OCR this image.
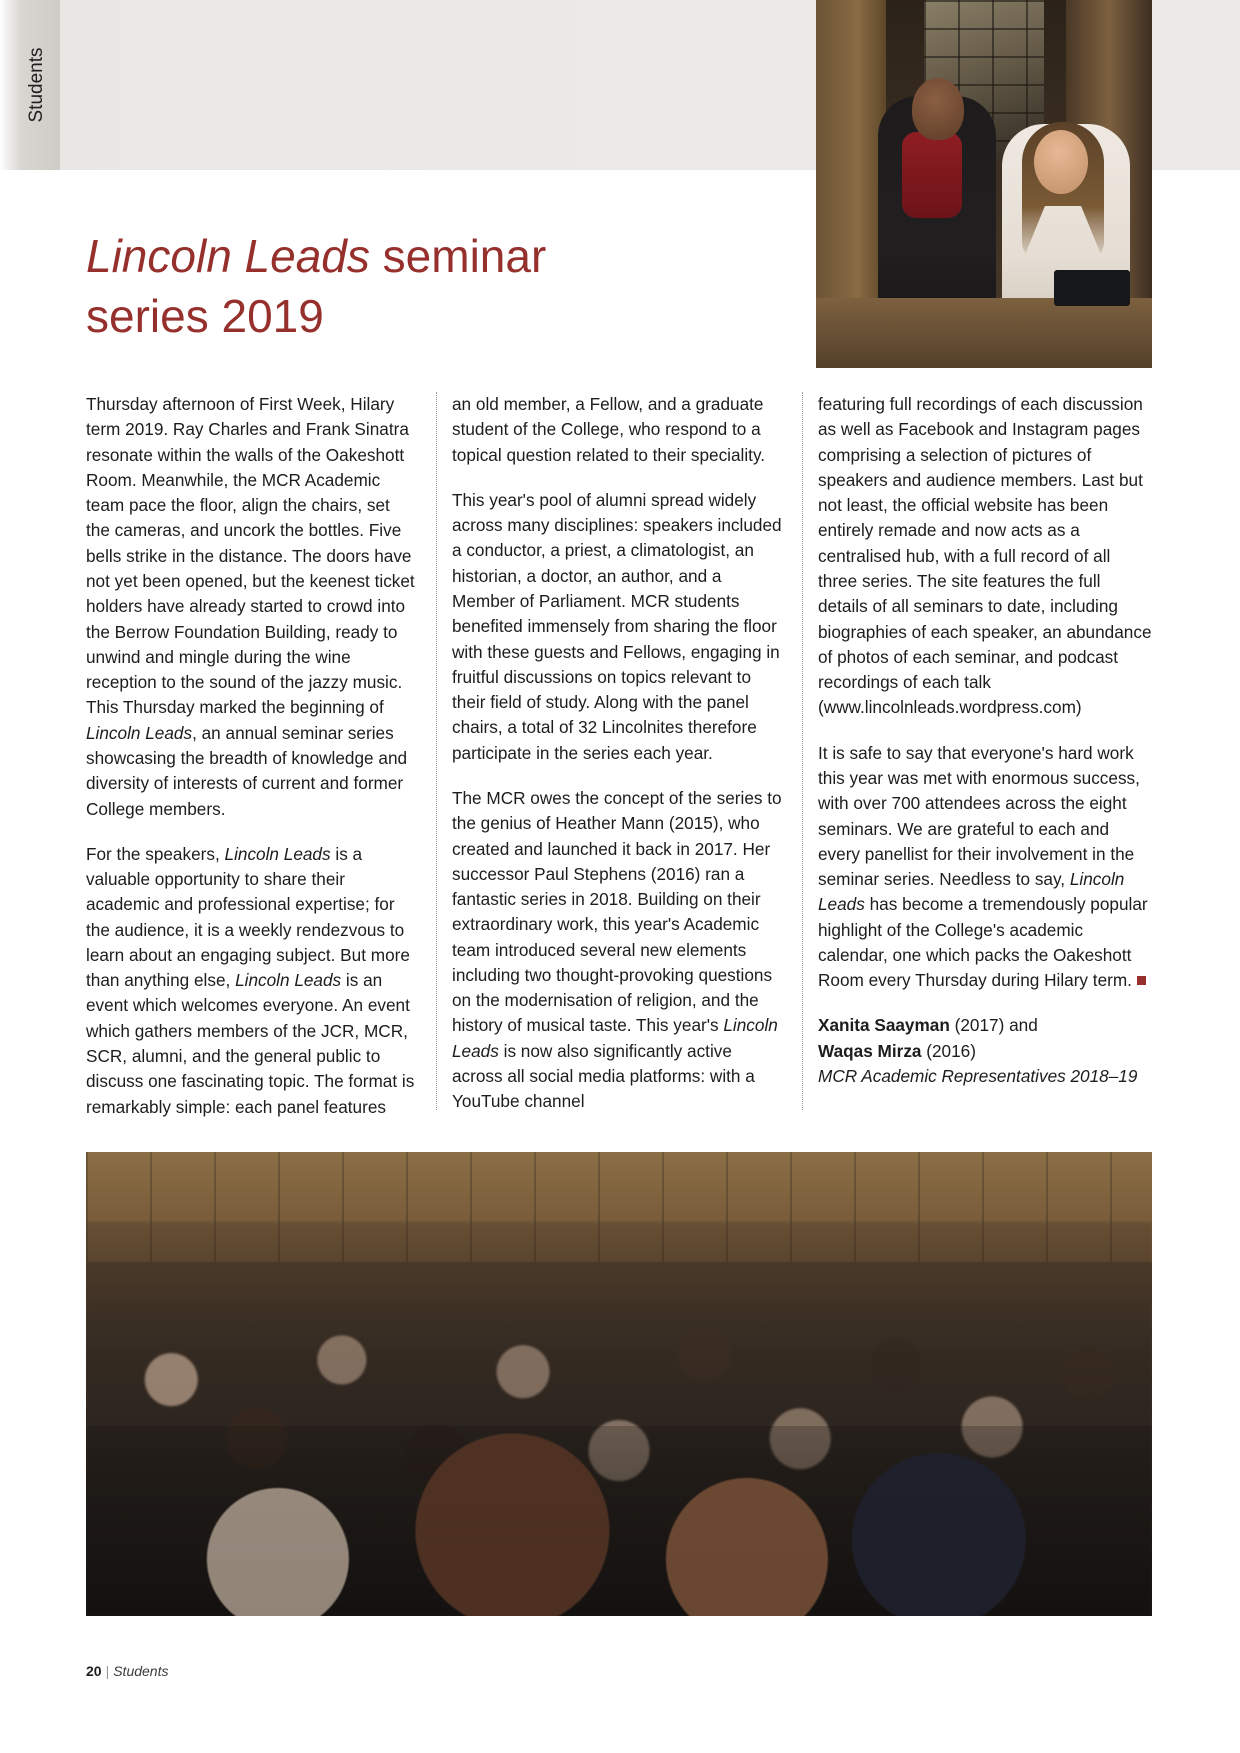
Students
Lincoln Leads seminar
series 2019

Thursday afternoon of First Week, Hilary term 2019. Ray Charles and Frank Sinatra resonate within the walls of the Oakeshott Room. Meanwhile, the MCR Academic team pace the floor, align the chairs, set the cameras, and uncork the bottles. Five bells strike in the distance. The doors have not yet been opened, but the keenest ticket holders have already started to crowd into the Berrow Foundation Building, ready to unwind and mingle during the wine reception to the sound of the jazzy music. This Thursday marked the beginning of Lincoln Leads, an annual seminar series showcasing the breadth of knowledge and diversity of interests of current and former College members.

For the speakers, Lincoln Leads is a valuable opportunity to share their academic and professional expertise; for the audience, it is a weekly rendezvous to learn about an engaging subject. But more than anything else, Lincoln Leads is an event which welcomes everyone. An event which gathers members of the JCR, MCR, SCR, alumni, and the general public to discuss one fascinating topic. The format is remarkably simple: each panel features

an old member, a Fellow, and a graduate student of the College, who respond to a topical question related to their speciality.

This year's pool of alumni spread widely across many disciplines: speakers included a conductor, a priest, a climatologist, an historian, a doctor, an author, and a Member of Parliament. MCR students benefited immensely from sharing the floor with these guests and Fellows, engaging in fruitful discussions on topics relevant to their field of study. Along with the panel chairs, a total of 32 Lincolnites therefore participate in the series each year.

The MCR owes the concept of the series to the genius of Heather Mann (2015), who created and launched it back in 2017. Her successor Paul Stephens (2016) ran a fantastic series in 2018. Building on their extraordinary work, this year's Academic team introduced several new elements including two thought-provoking questions on the modernisation of religion, and the history of musical taste. This year's Lincoln Leads is now also significantly active across all social media platforms: with a YouTube channel

featuring full recordings of each discussion as well as Facebook and Instagram pages comprising a selection of pictures of speakers and audience members. Last but not least, the official website has been entirely remade and now acts as a centralised hub, with a full record of all three series. The site features the full details of all seminars to date, including biographies of each speaker, an abundance of photos of each seminar, and podcast recordings of each talk (www.lincolnleads.wordpress.com)

It is safe to say that everyone's hard work this year was met with enormous success, with over 700 attendees across the eight seminars. We are grateful to each and every panellist for their involvement in the seminar series. Needless to say, Lincoln Leads has become a tremendously popular highlight of the College's academic calendar, one which packs the Oakeshott Room every Thursday during Hilary term.

Xanita Saayman (2017) and
Waqas Mirza (2016)
MCR Academic Representatives 2018–19
20 | Students
